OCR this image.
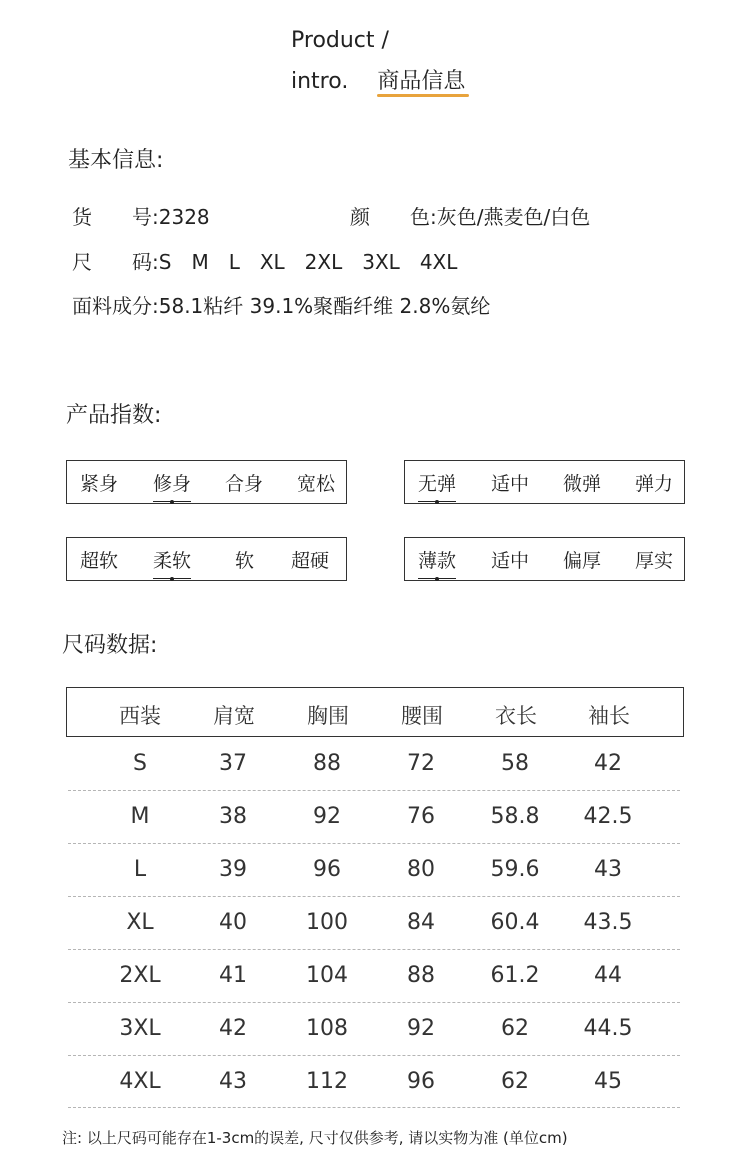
Product /
intro. 商品信息
基本信息:
货　　号:2328	颜　　色:灰色/燕麦色/白色
尺　　码:S　M　L　XL　2XL　3XL　4XL
面料成分:58.1粘纤 39.1%聚酯纤维 2.8%氨纶
产品指数:
紧身 修身 合身 宽松	无弹 适中 微弹 弹力
超软 柔软 软 超硬	薄款 适中 偏厚 厚实
尺码数据:
西装	肩宽	胸围	腰围	衣长	袖长
S	37	88	72	58	42
M	38	92	76	58.8	42.5
L	39	96	80	59.6	43
XL	40	100	84	60.4	43.5
2XL	41	104	88	61.2	44
3XL	42	108	92	62	44.5
4XL	43	112	96	62	45
注: 以上尺码可能存在1-3cm的误差, 尺寸仅供参考, 请以实物为准 (单位cm)
